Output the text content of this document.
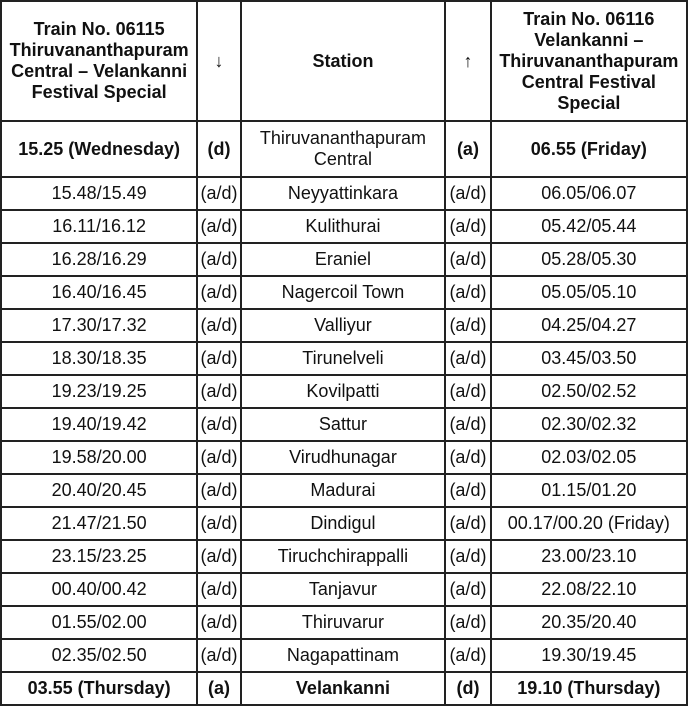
Train No. 06115 Thiruvananthapuram Central – Velankanni Festival Special	↓	Station	↑	Train No. 06116 Velankanni – Thiruvananthapuram Central Festival Special
15.25 (Wednesday)	(d)	Thiruvananthapuram Central	(a)	06.55 (Friday)
15.48/15.49	(a/d)	Neyyattinkara	(a/d)	06.05/06.07
16.11/16.12	(a/d)	Kulithurai	(a/d)	05.42/05.44
16.28/16.29	(a/d)	Eraniel	(a/d)	05.28/05.30
16.40/16.45	(a/d)	Nagercoil Town	(a/d)	05.05/05.10
17.30/17.32	(a/d)	Valliyur	(a/d)	04.25/04.27
18.30/18.35	(a/d)	Tirunelveli	(a/d)	03.45/03.50
19.23/19.25	(a/d)	Kovilpatti	(a/d)	02.50/02.52
19.40/19.42	(a/d)	Sattur	(a/d)	02.30/02.32
19.58/20.00	(a/d)	Virudhunagar	(a/d)	02.03/02.05
20.40/20.45	(a/d)	Madurai	(a/d)	01.15/01.20
21.47/21.50	(a/d)	Dindigul	(a/d)	00.17/00.20 (Friday)
23.15/23.25	(a/d)	Tiruchchirappalli	(a/d)	23.00/23.10
00.40/00.42	(a/d)	Tanjavur	(a/d)	22.08/22.10
01.55/02.00	(a/d)	Thiruvarur	(a/d)	20.35/20.40
02.35/02.50	(a/d)	Nagapattinam	(a/d)	19.30/19.45
03.55 (Thursday)	(a)	Velankanni	(d)	19.10 (Thursday)
